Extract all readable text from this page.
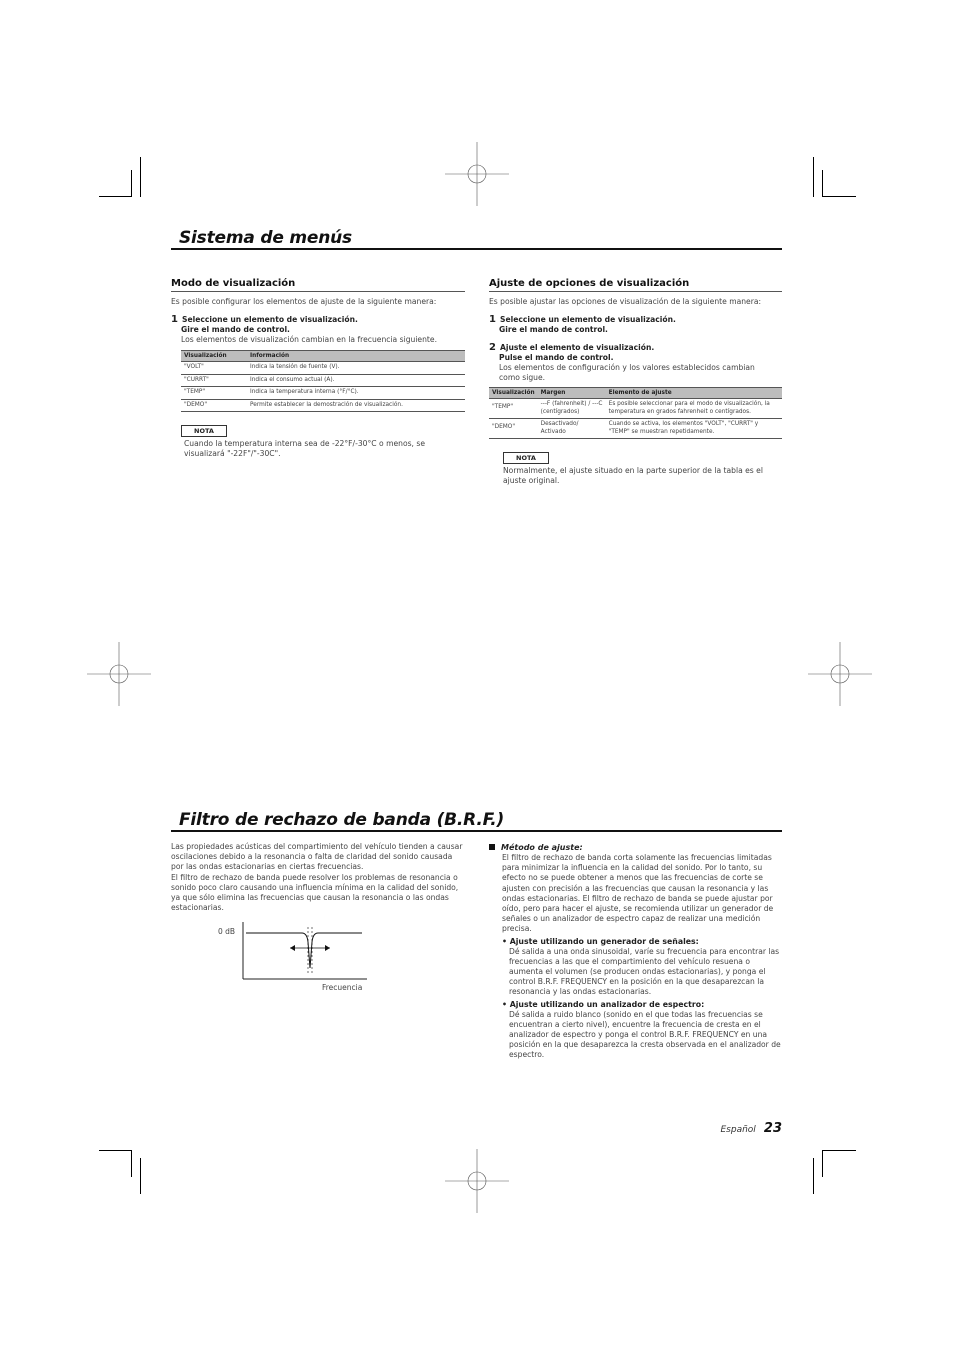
Sistema de menús
Modo de visualización

Es posible configurar los elementos de ajuste de la siguiente manera:

1 Seleccione un elemento de visualización.

Gire el mando de control.

Los elementos de visualización cambian en la frecuencia siguiente.

Visualización	Información
"VOLT"	Indica la tensión de fuente (V).
"CURRT"	Indica el consumo actual (A).
"TEMP"	Indica la temperatura interna (°F/°C).
"DEMO"	Permite establecer la demostración de visualización.
NOTA

Cuando la temperatura interna sea de -22°F/-30°C o menos, se visualizará "-22F"/"-30C".

Ajuste de opciones de visualización

Es posible ajustar las opciones de visualización de la siguiente manera:

1 Seleccione un elemento de visualización.

Gire el mando de control.

2 Ajuste el elemento de visualización.

Pulse el mando de control.

Los elementos de configuración y los valores establecidos cambian como sigue.

Visualización	Margen	Elemento de ajuste
"TEMP"	---F (fahrenheit) / ---C (centígrados)	Es posible seleccionar para el modo de visualización, la temperatura en grados fahrenheit o centígrados.
"DEMO"	Desactivado/ Activado	Cuando se activa, los elementos "VOLT", "CURRT" y "TEMP" se muestran repetidamente.
NOTA

Normalmente, el ajuste situado en la parte superior de la tabla es el ajuste original.

Filtro de rechazo de banda (B.R.F.)

Las propiedades acústicas del compartimiento del vehículo tienden a causar oscilaciones debido a la resonancia o falta de claridad del sonido causada por las ondas estacionarias en ciertas frecuencias.

El filtro de rechazo de banda puede resolver los problemas de resonancia o sonido poco claro causando una influencia mínima en la calidad del sonido, ya que sólo elimina las frecuencias que causan la resonancia o las ondas estacionarias.

0 dB
Frecuencia
Método de ajuste:

El filtro de rechazo de banda corta solamente las frecuencias limitadas para minimizar la influencia en la calidad del sonido. Por lo tanto, su efecto no se puede obtener a menos que las frecuencias de corte se ajusten con precisión a las frecuencias que causan la resonancia y las ondas estacionarias. El filtro de rechazo de banda se puede ajustar por oído, pero para hacer el ajuste, se recomienda utilizar un generador de señales o un analizador de espectro capaz de realizar una medición precisa.

• Ajuste utilizando un generador de señales:

Dé salida a una onda sinusoidal, varíe su frecuencia para encontrar las frecuencias a las que el compartimiento del vehículo resuena o aumenta el volumen (se producen ondas estacionarias), y ponga el control B.R.F. FREQUENCY en la posición en la que desaparezcan la resonancia y las ondas estacionarias.

• Ajuste utilizando un analizador de espectro:

Dé salida a ruido blanco (sonido en el que todas las frecuencias se encuentran a cierto nivel), encuentre la frecuencia de cresta en el analizador de espectro y ponga el control B.R.F. FREQUENCY en una posición en la que desaparezca la cresta observada en el analizador de espectro.

Español 23
